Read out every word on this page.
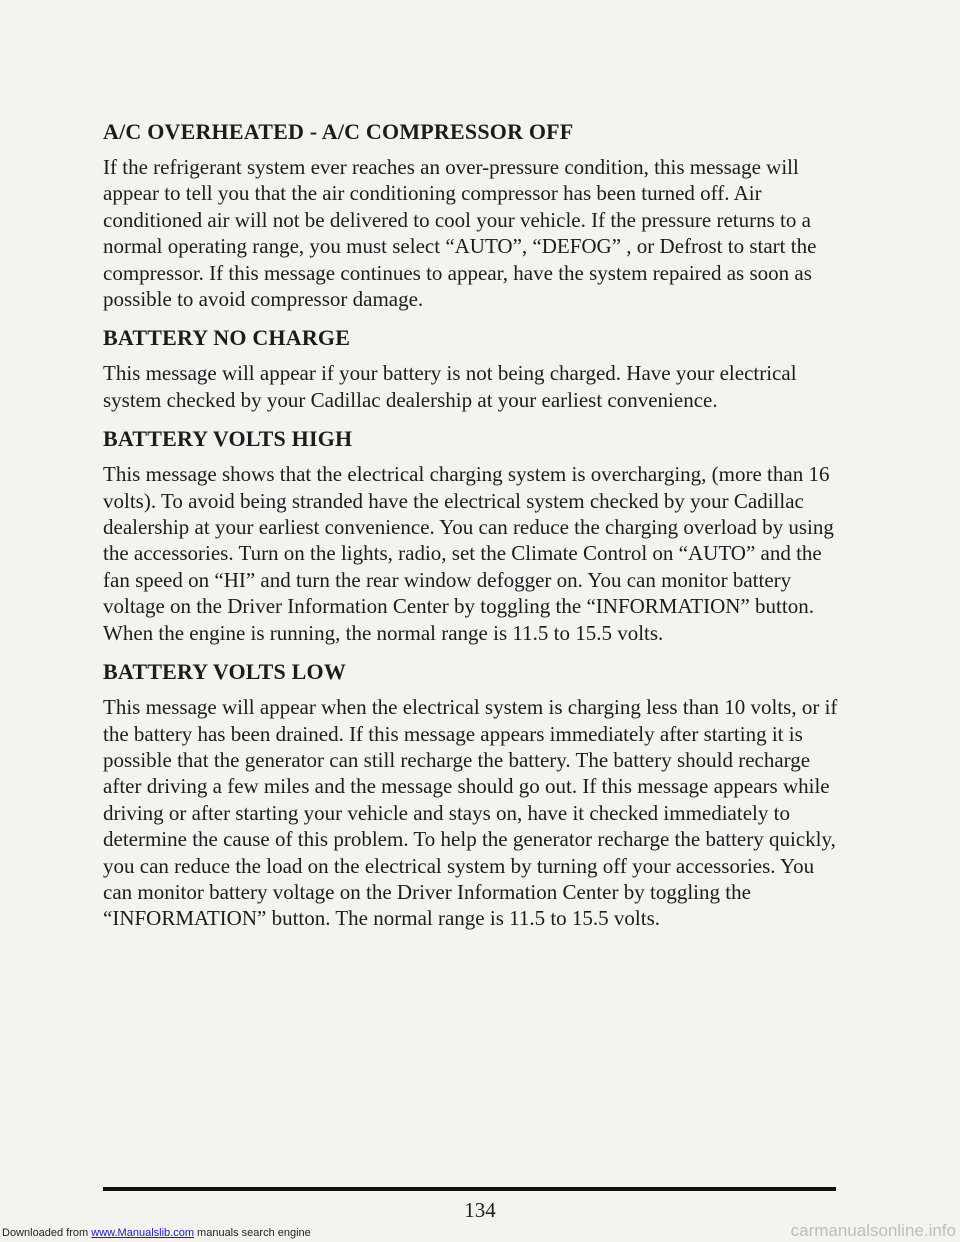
A/C OVERHEATED - A/C COMPRESSOR OFF

If the refrigerant system ever reaches an over-pressure condition, this message will appear to tell you that the air conditioning compressor has been turned off. Air conditioned air will not be delivered to cool your vehicle. If the pressure returns to a normal operating range, you must select “AUTO”, “DEFOG” , or Defrost to start the compressor. If this message continues to appear, have the system repaired as soon as possible to avoid compressor damage.

BATTERY NO CHARGE

This message will appear if your battery is not being charged. Have your electrical system checked by your Cadillac dealership at your earliest convenience.

BATTERY VOLTS HIGH

This message shows that the electrical charging system is overcharging, (more than 16 volts). To avoid being stranded have the electrical system checked by your Cadillac dealership at your earliest convenience. You can reduce the charging overload by using the accessories. Turn on the lights, radio, set the Climate Control on “AUTO” and the fan speed on “HI” and turn the rear window defogger on. You can monitor battery voltage on the Driver Information Center by toggling the “INFORMATION” button. When the engine is running, the normal range is 11.5 to 15.5 volts.

BATTERY VOLTS LOW

This message will appear when the electrical system is charging less than 10 volts, or if the battery has been drained. If this message appears immediately after starting it is possible that the generator can still recharge the battery. The battery should recharge after driving a few miles and the message should go out. If this message appears while driving or after starting your vehicle and stays on, have it checked immediately to determine the cause of this problem. To help the generator recharge the battery quickly, you can reduce the load on the electrical system by turning off your accessories. You can monitor battery voltage on the Driver Information Center by toggling the “INFORMATION” button. The normal range is 11.5 to 15.5 volts.

134
Downloaded from www.Manualslib.com manuals search engine	carmanualsonline.info
